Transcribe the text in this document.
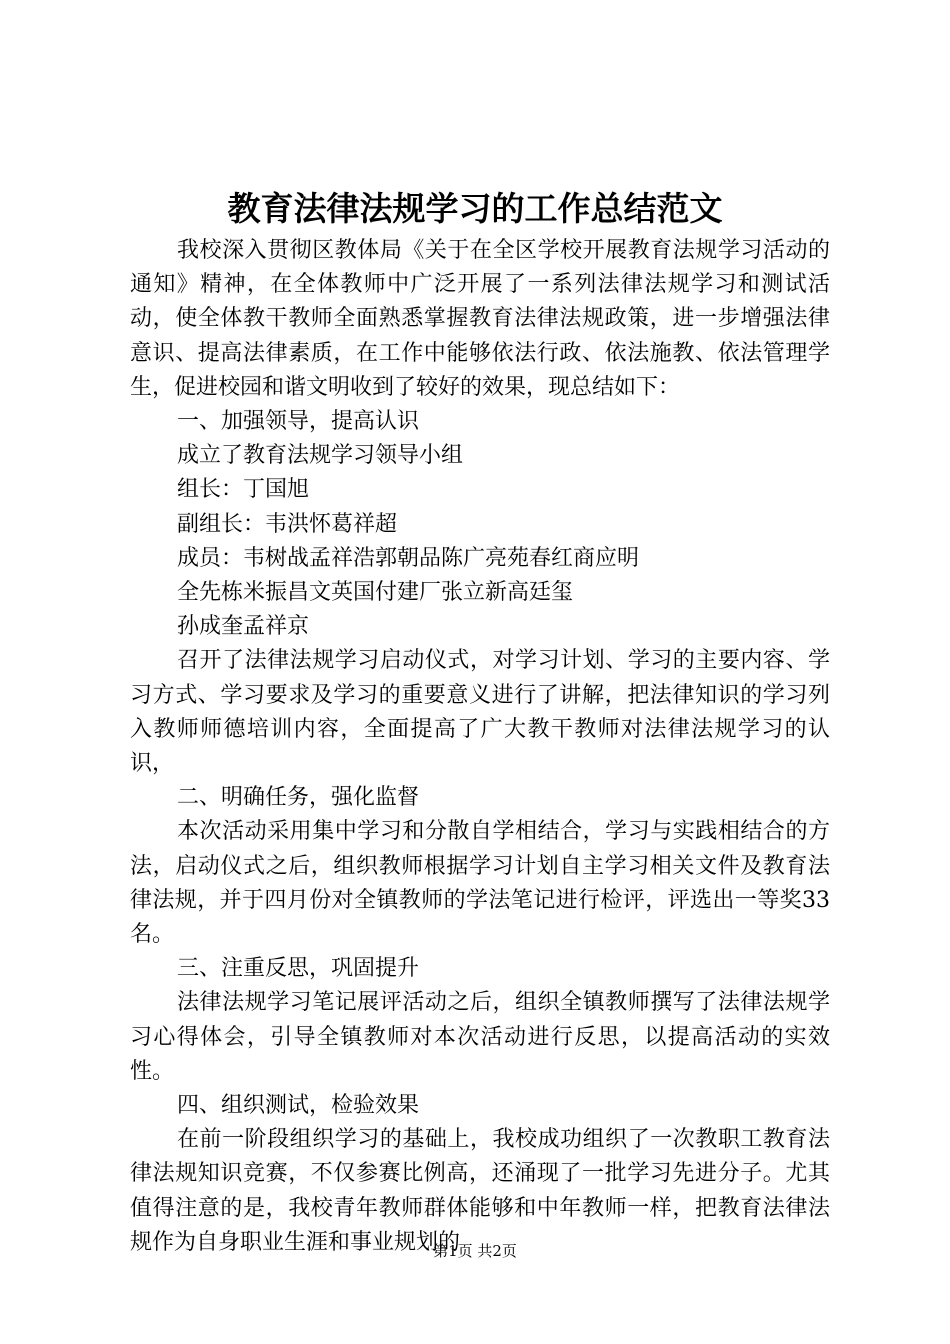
教育法律法规学习的工作总结范文

我校深入贯彻区教体局《关于在全区学校开展教育法规学习活动的通知》精神，在全体教师中广泛开展了一系列法律法规学习和测试活动，使全体教干教师全面熟悉掌握教育法律法规政策，进一步增强法律意识、提高法律素质，在工作中能够依法行政、依法施教、依法管理学生，促进校园和谐文明收到了较好的效果，现总结如下：

一、加强领导，提高认识

成立了教育法规学习领导小组

组长：丁国旭

副组长：韦洪怀葛祥超

成员：韦树战孟祥浩郭朝品陈广亮苑春红商应明

全先栋米振昌文英国付建厂张立新高廷玺

孙成奎孟祥京

召开了法律法规学习启动仪式，对学习计划、学习的主要内容、学习方式、学习要求及学习的重要意义进行了讲解，把法律知识的学习列入教师师德培训内容，全面提高了广大教干教师对法律法规学习的认识，

二、明确任务，强化监督

本次活动采用集中学习和分散自学相结合，学习与实践相结合的方法，启动仪式之后，组织教师根据学习计划自主学习相关文件及教育法律法规，并于四月份对全镇教师的学法笔记进行检评，评选出一等奖33名。

三、注重反思，巩固提升

法律法规学习笔记展评活动之后，组织全镇教师撰写了法律法规学习心得体会，引导全镇教师对本次活动进行反思，以提高活动的实效性。

四、组织测试，检验效果

在前一阶段组织学习的基础上，我校成功组织了一次教职工教育法律法规知识竞赛，不仅参赛比例高，还涌现了一批学习先进分子。尤其值得注意的是，我校青年教师群体能够和中年教师一样，把教育法律法规作为自身职业生涯和事业规划的

第1页 共2页
